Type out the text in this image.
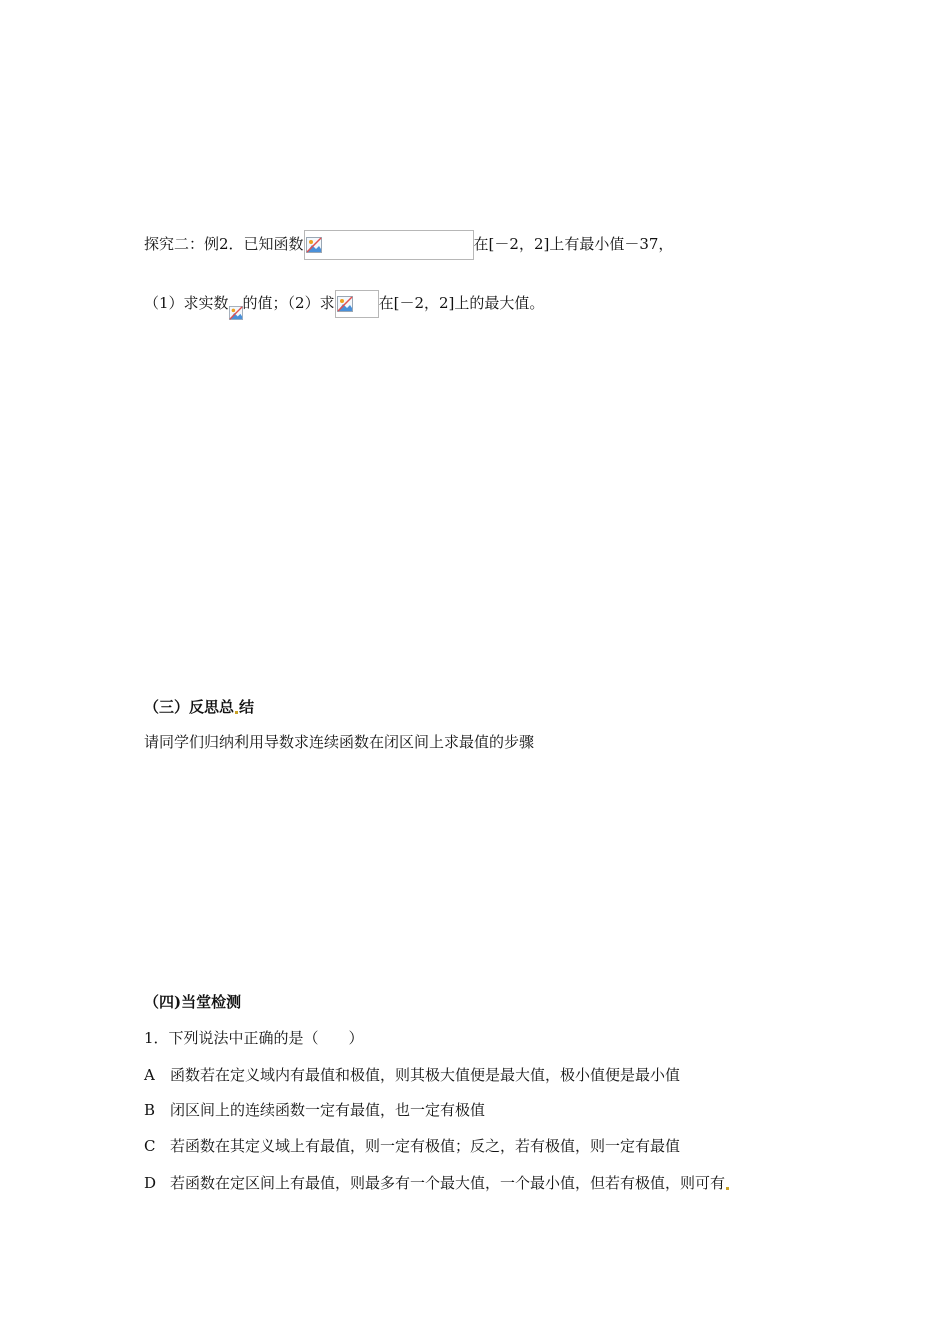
探究二：例2．已知函数	在[－2，2]上有最小值－37，
（1）求实数 的值；（2）求	在[－2，2]上的最大值。
（三）反思总 结
请同学们归纳利用导数求连续函数在闭区间上求最值的步骤
（四)当堂检测
1．下列说法中正确的是（　　）
A 函数若在定义域内有最值和极值，则其极大值便是最大值，极小值便是最小值
B 闭区间上的连续函数一定有最值，也一定有极值
C 若函数在其定义域上有最值，则一定有极值；反之，若有极值，则一定有最值
D 若函数在定区间上有最值，则最多有一个最大值，一个最小值，但若有极值，则可有
